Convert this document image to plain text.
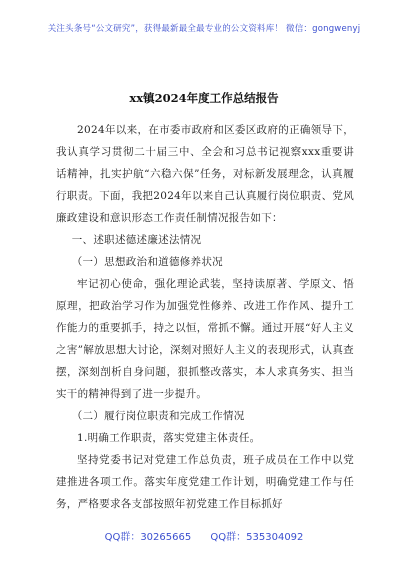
关注头条号“公文研究”，获得最新最全最专业的公文资料库！ 微信：gongwenyj
xx镇2024年度工作总结报告

2024年以来，在市委市政府和区委区政府的正确领导下，我认真学习贯彻二十届三中、全会和习总书记视察xxx重要讲话精神，扎实护航“六稳六保”任务，对标新发展理念，认真履行职责。下面，我把2024年以来自己认真履行岗位职责、党风廉政建设和意识形态工作责任制情况报告如下：

一、述职述德述廉述法情况

（一）思想政治和道德修养状况

牢记初心使命，强化理论武装，坚持读原著、学原文、悟原理，把政治学习作为加强党性修养、改进工作作风、提升工作能力的重要抓手，持之以恒，常抓不懈。通过开展“好人主义之害”解放思想大讨论，深刻对照好人主义的表现形式，认真查摆，深刻剖析自身问题，狠抓整改落实，本人求真务实、担当实干的精神得到了进一步提升。

（二）履行岗位职责和完成工作情况

1.明确工作职责，落实党建主体责任。

坚持党委书记对党建工作总负责，班子成员在工作中以党建推进各项工作。落实年度党建工作计划，明确党建工作与任务，严格要求各支部按照年初党建工作目标抓好

QQ群：30265665 QQ群：535304092
